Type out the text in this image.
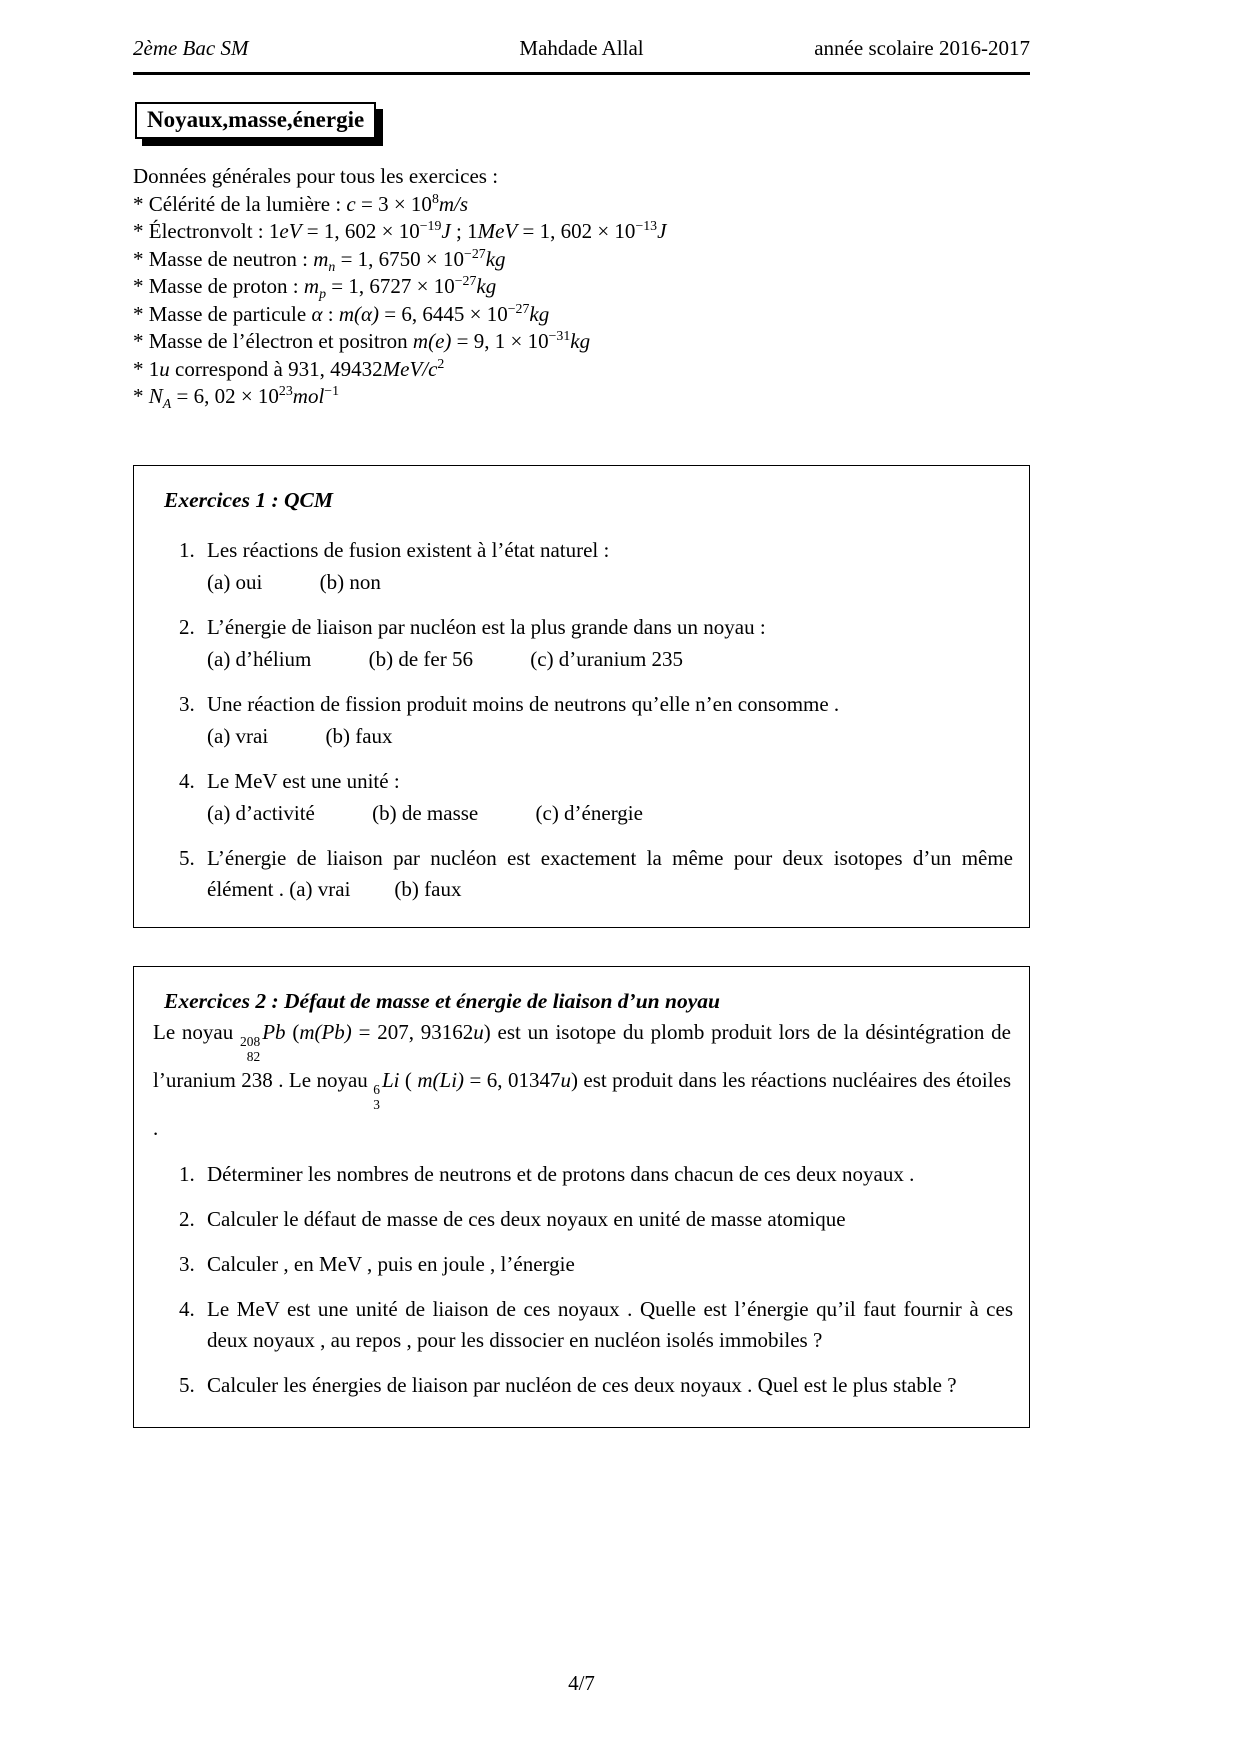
2ème Bac SM	Mahdade Allal	année scolaire 2016-2017
Noyaux,masse,énergie
Données générales pour tous les exercices :
* Célérité de la lumière : $c = 3 \times 10^8m/s$
* Électronvolt : 1eV = 1, $602 \times 10^{-19}J$ ; 1MeV = 1, $602 \times 10^{-13}J$
* Masse de neutron : $m_n = 1$, $6750 \times 10^{-27}kg$
* Masse de proton : $m_p = 1$, $6727 \times 10^{-27}kg$
* Masse de particule α : m(α) = 6, $6445 \times 10^{-27}kg$
* Masse de l’électron et positron m(e) = 9, $1 \times 10^{-31}kg$
* 1u correspond à 931, $49432MeV/c^2$
* $N_A = 6$, $02 \times 10^{23}mol^{-1}$
Exercices 1 : QCM
1. Les réactions de fusion existent à l’état naturel :
(a) oui	(b) non
2. L’énergie de liaison par nucléon est la plus grande dans un noyau :
(a) d’hélium	(b) de fer 56	(c) d’uranium 235
3. Une réaction de fission produit moins de neutrons qu’elle n’en consomme .
(a) vrai	(b) faux
4. Le MeV est une unité :
(a) d’activité	(b) de masse	(c) d’énergie
5. L’énergie de liaison par nucléon est exactement la même pour deux isotopes d’un même élément . (a) vrai (b) faux
Exercices 2 : Défaut de masse et énergie de liaison d’un noyau
Le noyau 208
82
Pb (m(Pb) = 207, 93162u) est un isotope du plomb produit lors de la désintégration de l’uranium 238 . Le noyau 6
3
Li ( m(Li) = 6, 01347u) est produit dans les réactions nucléaires des étoiles .
1. Déterminer les nombres de neutrons et de protons dans chacun de ces deux noyaux .
2. Calculer le défaut de masse de ces deux noyaux en unité de masse atomique
3. Calculer , en MeV , puis en joule , l’énergie
4. Le MeV est une unité de liaison de ces noyaux . Quelle est l’énergie qu’il faut fournir à ces deux noyaux , au repos , pour les dissocier en nucléon isolés immobiles ?
5. Calculer les énergies de liaison par nucléon de ces deux noyaux . Quel est le plus stable ?
4/7
